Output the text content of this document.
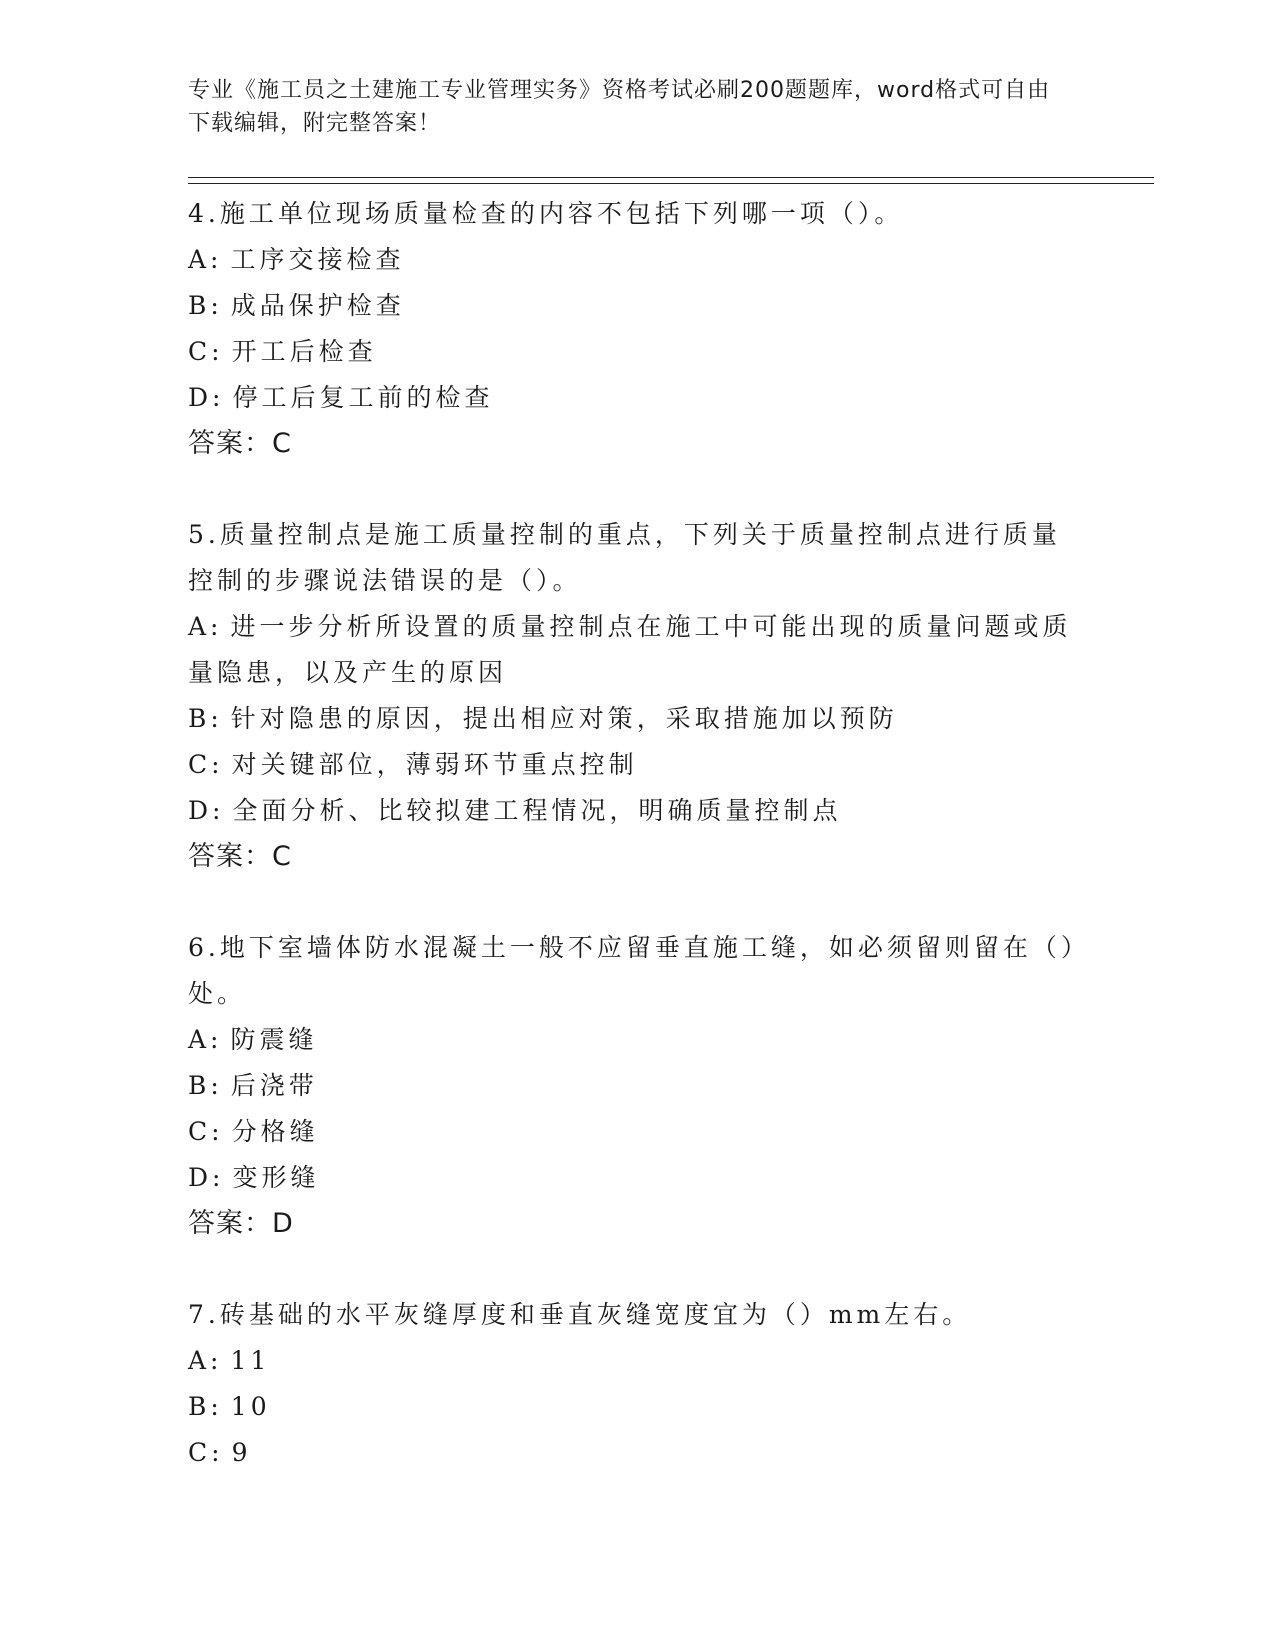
专业《施工员之土建施工专业管理实务》资格考试必刷200题题库，word格式可自由下载编辑，附完整答案！
4.施工单位现场质量检查的内容不包括下列哪一项（）。
A: 工序交接检查
B: 成品保护检查
C: 开工后检查
D: 停工后复工前的检查
答案：C
5.质量控制点是施工质量控制的重点，下列关于质量控制点进行质量控制的步骤说法错误的是（）。
A: 进一步分析所设置的质量控制点在施工中可能出现的质量问题或质量隐患，以及产生的原因
B: 针对隐患的原因，提出相应对策，采取措施加以预防
C: 对关键部位，薄弱环节重点控制
D: 全面分析、比较拟建工程情况，明确质量控制点
答案：C
6.地下室墙体防水混凝土一般不应留垂直施工缝，如必须留则留在（）处。
A: 防震缝
B: 后浇带
C: 分格缝
D: 变形缝
答案：D
7.砖基础的水平灰缝厚度和垂直灰缝宽度宜为（）mm左右。
A: 11
B: 10
C: 9
